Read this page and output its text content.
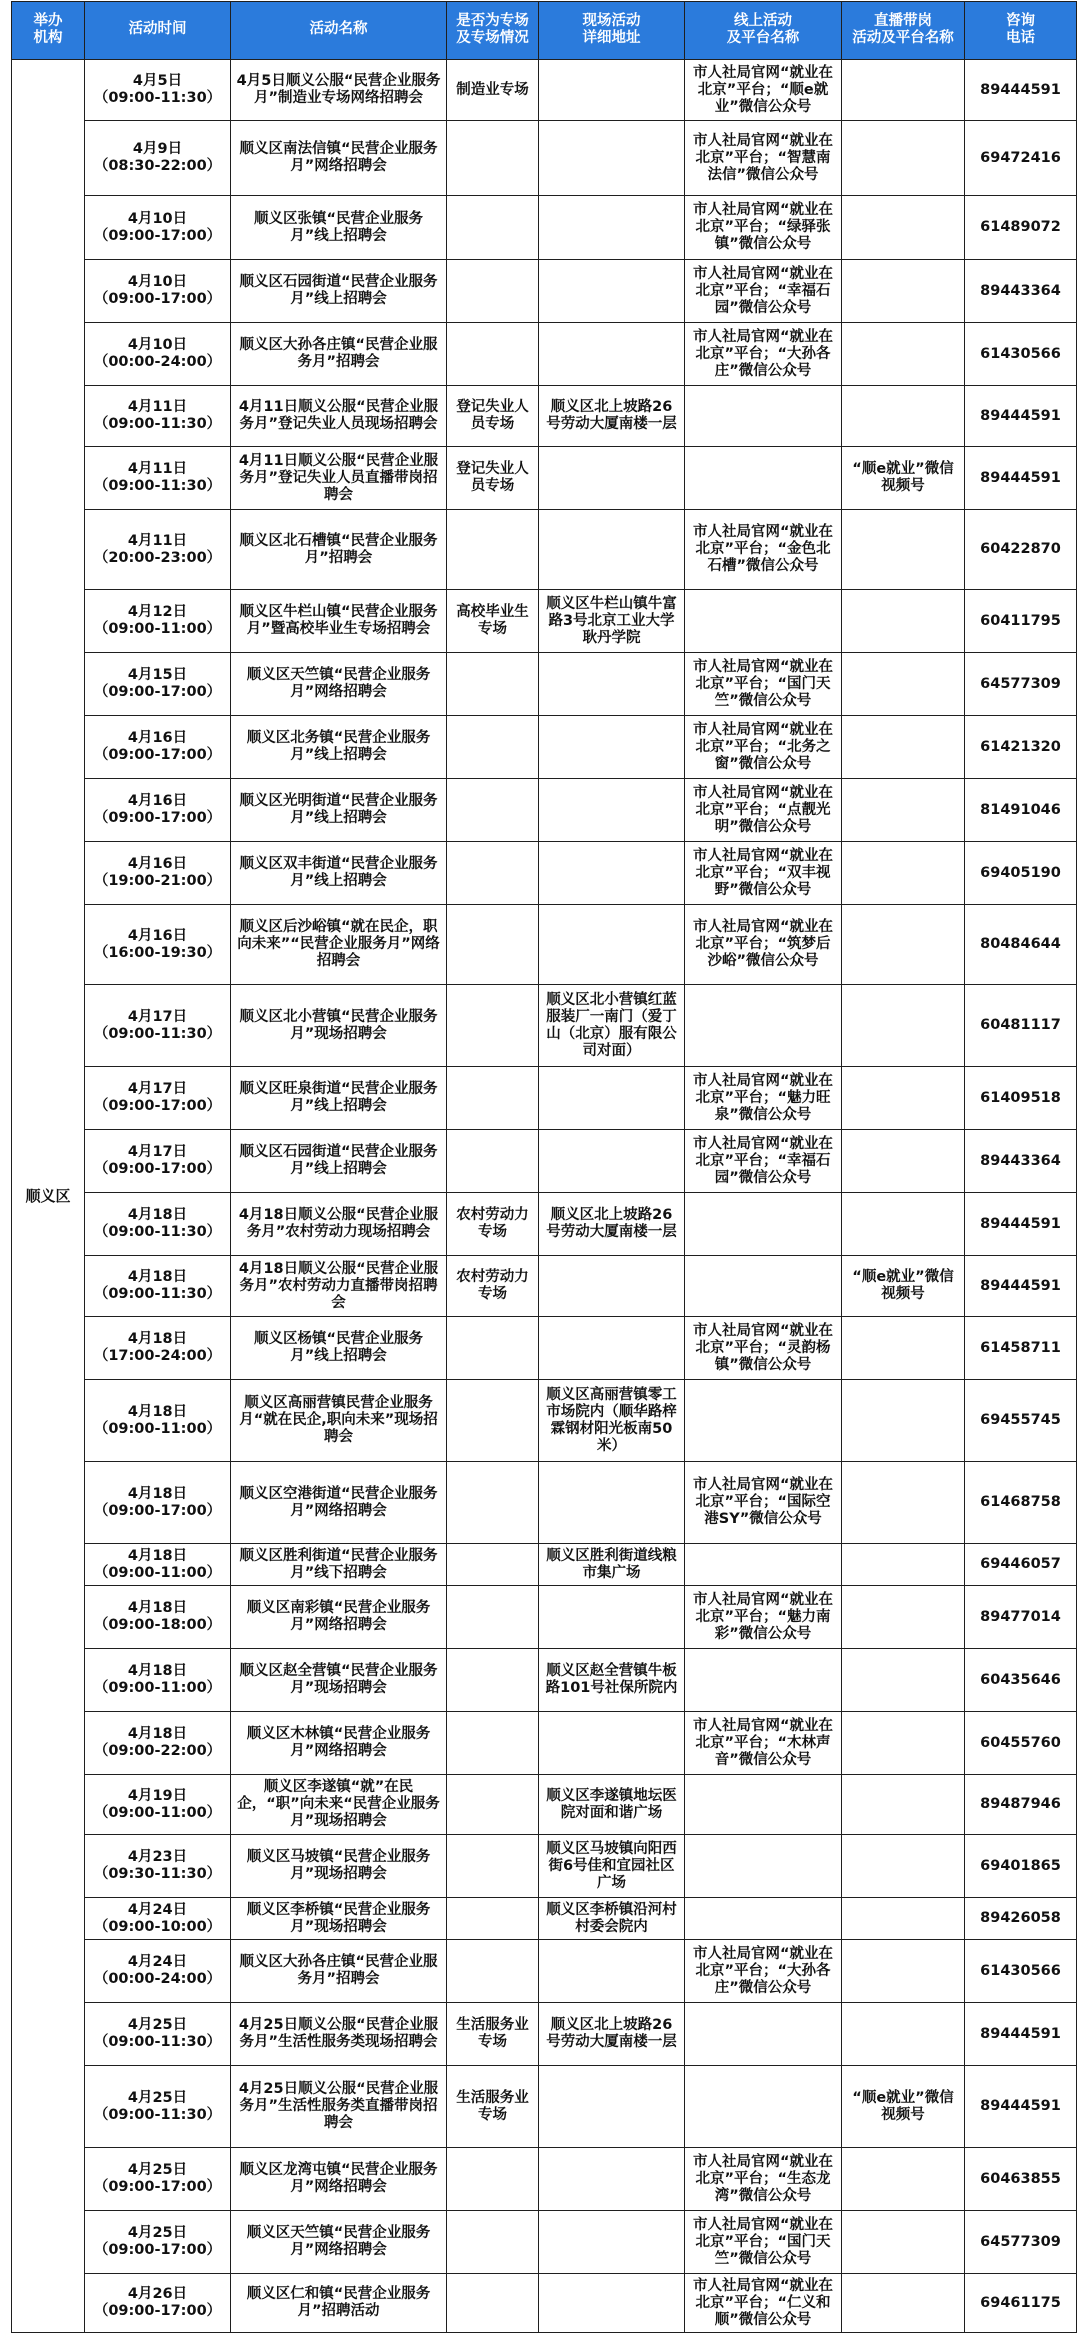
举办
机构
活动时间	活动名称
是否为专场
及专场情况
现场活动
详细地址
线上活动
及平台名称
直播带岗
活动及平台名称
咨询
电话
顺义区
4月5日
（09:00-11:30）
4月5日顺义公服“民营企业服务月”制造业专场网络招聘会
制造业专场
市人社局官网“就业在北京”平台；“顺e就业”微信公众号
89444591
4月9日
（08:30-22:00）
顺义区南法信镇“民营企业服务月”网络招聘会
市人社局官网“就业在北京”平台；“智慧南法信”微信公众号
69472416
4月10日
（09:00-17:00）
顺义区张镇“民营企业服务月”线上招聘会
市人社局官网“就业在北京”平台；“绿驿张镇”微信公众号
61489072
4月10日
（09:00-17:00）
顺义区石园街道“民营企业服务月”线上招聘会
市人社局官网“就业在北京”平台；“幸福石园”微信公众号
89443364
4月10日
（00:00-24:00）
顺义区大孙各庄镇“民营企业服务月”招聘会
市人社局官网“就业在北京”平台；“大孙各庄”微信公众号
61430566
4月11日
（09:00-11:30）
4月11日顺义公服“民营企业服务月”登记失业人员现场招聘会
登记失业人员专场
顺义区北上坡路26号劳动大厦南楼一层
89444591
4月11日
（09:00-11:30）
4月11日顺义公服“民营企业服务月”登记失业人员直播带岗招聘会
登记失业人员专场
“顺e就业”微信视频号
89444591
4月11日
（20:00-23:00）
顺义区北石槽镇“民营企业服务月”招聘会
市人社局官网“就业在北京”平台；“金色北石槽”微信公众号
60422870
4月12日
（09:00-11:00）
顺义区牛栏山镇“民营企业服务月”暨高校毕业生专场招聘会
高校毕业生专场
顺义区牛栏山镇牛富路3号北京工业大学耿丹学院
60411795
4月15日
（09:00-17:00）
顺义区天竺镇“民营企业服务月”网络招聘会
市人社局官网“就业在北京”平台；“国门天竺”微信公众号
64577309
4月16日
（09:00-17:00）
顺义区北务镇“民营企业服务月”线上招聘会
市人社局官网“就业在北京”平台；“北务之窗”微信公众号
61421320
4月16日
（09:00-17:00）
顺义区光明街道“民营企业服务月”线上招聘会
市人社局官网“就业在北京”平台；“点靓光明”微信公众号
81491046
4月16日
（19:00-21:00）
顺义区双丰街道“民营企业服务月”线上招聘会
市人社局官网“就业在北京”平台；“双丰视野”微信公众号
69405190
4月16日
（16:00-19:30）
顺义区后沙峪镇“就在民企，职向未来”“民营企业服务月”网络招聘会
市人社局官网“就业在北京”平台；“筑梦后沙峪”微信公众号
80484644
4月17日
（09:00-11:30）
顺义区北小营镇“民营企业服务月”现场招聘会
顺义区北小营镇红蓝服装厂一南门（爱丁山（北京）服有限公司对面）
60481117
4月17日
（09:00-17:00）
顺义区旺泉街道“民营企业服务月”线上招聘会
市人社局官网“就业在北京”平台；“魅力旺泉”微信公众号
61409518
4月17日
（09:00-17:00）
顺义区石园街道“民营企业服务月”线上招聘会
市人社局官网“就业在北京”平台；“幸福石园”微信公众号
89443364
4月18日
（09:00-11:30）
4月18日顺义公服“民营企业服务月”农村劳动力现场招聘会
农村劳动力专场
顺义区北上坡路26号劳动大厦南楼一层
89444591
4月18日
（09:00-11:30）
4月18日顺义公服“民营企业服务月”农村劳动力直播带岗招聘会
农村劳动力专场
“顺e就业”微信视频号
89444591
4月18日
（17:00-24:00）
顺义区杨镇“民营企业服务月”线上招聘会
市人社局官网“就业在北京”平台；“灵韵杨镇”微信公众号
61458711
4月18日
（09:00-11:00）
顺义区高丽营镇民营企业服务月“就在民企,职向未来”现场招聘会
顺义区高丽营镇零工市场院内（顺华路梓霖钢材阳光板南50米）
69455745
4月18日
（09:00-17:00）
顺义区空港街道“民营企业服务月”网络招聘会
市人社局官网“就业在北京”平台；“国际空港SY”微信公众号
61468758
4月18日
（09:00-11:00）
顺义区胜利街道“民营企业服务月”线下招聘会
顺义区胜利街道线粮市集广场
69446057
4月18日
（09:00-18:00）
顺义区南彩镇“民营企业服务月”网络招聘会
市人社局官网“就业在北京”平台；“魅力南彩”微信公众号
89477014
4月18日
（09:00-11:00）
顺义区赵全营镇“民营企业服务月”现场招聘会
顺义区赵全营镇牛板路101号社保所院内
60435646
4月18日
（09:00-22:00）
顺义区木林镇“民营企业服务月”网络招聘会
市人社局官网“就业在北京”平台；“木林声音”微信公众号
60455760
4月19日
（09:00-11:00）
顺义区李遂镇“就”在民企，“职”向未来“民营企业服务月”现场招聘会
顺义区李遂镇地坛医院对面和谐广场
89487946
4月23日
（09:30-11:30）
顺义区马坡镇“民营企业服务月”现场招聘会
顺义区马坡镇向阳西街6号佳和宜园社区广场
69401865
4月24日
（09:00-10:00）
顺义区李桥镇“民营企业服务月”现场招聘会
顺义区李桥镇沿河村村委会院内
89426058
4月24日
（00:00-24:00）
顺义区大孙各庄镇“民营企业服务月”招聘会
市人社局官网“就业在北京”平台；“大孙各庄”微信公众号
61430566
4月25日
（09:00-11:30）
4月25日顺义公服“民营企业服务月”生活性服务类现场招聘会
生活服务业专场
顺义区北上坡路26号劳动大厦南楼一层
89444591
4月25日
（09:00-11:30）
4月25日顺义公服“民营企业服务月”生活性服务类直播带岗招聘会
生活服务业专场
“顺e就业”微信视频号
89444591
4月25日
（09:00-17:00）
顺义区龙湾屯镇“民营企业服务月”网络招聘会
市人社局官网“就业在北京”平台；“生态龙湾”微信公众号
60463855
4月25日
（09:00-17:00）
顺义区天竺镇“民营企业服务月”网络招聘会
市人社局官网“就业在北京”平台；“国门天竺”微信公众号
64577309
4月26日
（09:00-17:00）
顺义区仁和镇“民营企业服务月”招聘活动
市人社局官网“就业在北京”平台；“仁义和顺”微信公众号
69461175
